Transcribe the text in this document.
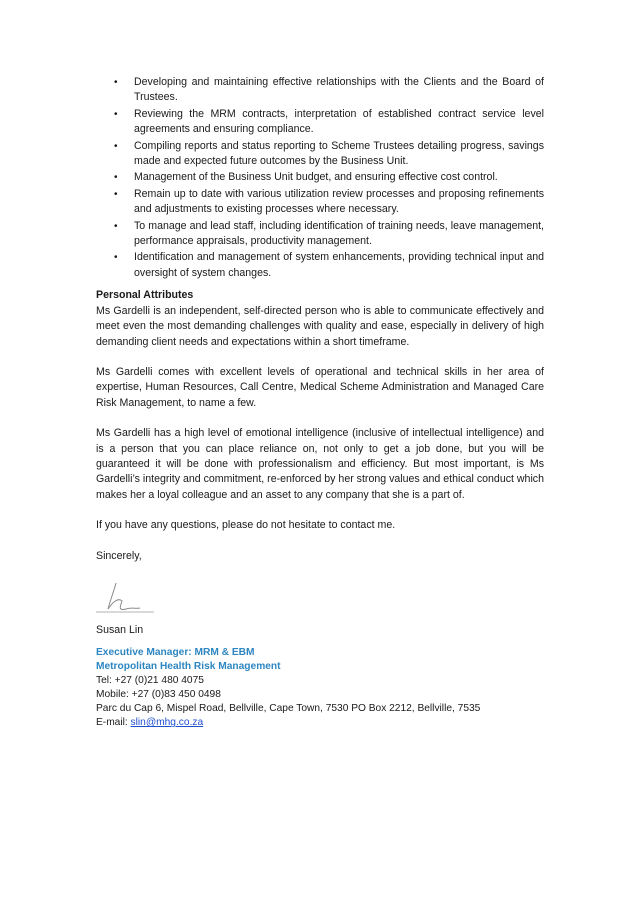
• Developing and maintaining effective relationships with the Clients and the Board of Trustees.
• Reviewing the MRM contracts, interpretation of established contract service level agreements and ensuring compliance.
• Compiling reports and status reporting to Scheme Trustees detailing progress, savings made and expected future outcomes by the Business Unit.
• Management of the Business Unit budget, and ensuring effective cost control.
• Remain up to date with various utilization review processes and proposing refinements and adjustments to existing processes where necessary.
• To manage and lead staff, including identification of training needs, leave management, performance appraisals, productivity management.
• Identification and management of system enhancements, providing technical input and oversight of system changes.
Personal Attributes

Ms Gardelli is an independent, self-directed person who is able to communicate effectively and meet even the most demanding challenges with quality and ease, especially in delivery of high demanding client needs and expectations within a short timeframe.

Ms Gardelli comes with excellent levels of operational and technical skills in her area of expertise, Human Resources, Call Centre, Medical Scheme Administration and Managed Care Risk Management, to name a few.

Ms Gardelli has a high level of emotional intelligence (inclusive of intellectual intelligence) and is a person that you can place reliance on, not only to get a job done, but you will be guaranteed it will be done with professionalism and efficiency. But most important, is Ms Gardelli’s integrity and commitment, re-enforced by her strong values and ethical conduct which makes her a loyal colleague and an asset to any company that she is a part of.

If you have any questions, please do not hesitate to contact me.

Sincerely,

Susan Lin

Executive Manager: MRM & EBM
Metropolitan Health Risk Management
Tel: +27 (0)21 480 4075
Mobile: +27 (0)83 450 0498
Parc du Cap 6, Mispel Road, Bellville, Cape Town, 7530 PO Box 2212, Bellville, 7535
E-mail: slin@mhg.co.za
